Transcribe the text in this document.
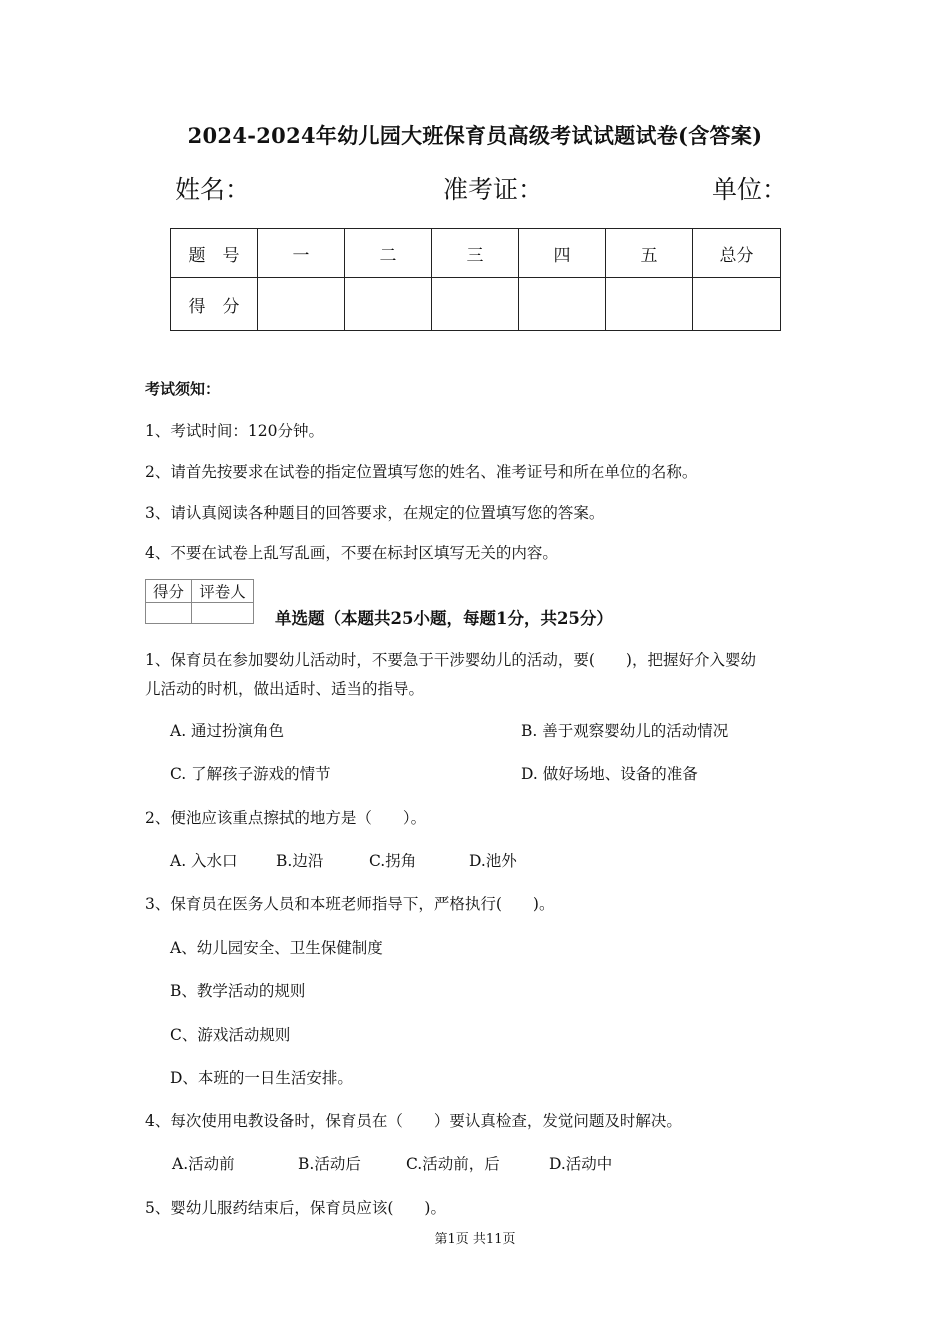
2024-2024年幼儿园大班保育员高级考试试题试卷(含答案)
姓名：	准考证：	单位：
题　号	一	二	三	四	五	总分
得　分						
考试须知：
1、考试时间：120分钟。
2、请首先按要求在试卷的指定位置填写您的姓名、准考证号和所在单位的名称。
3、请认真阅读各种题目的回答要求，在规定的位置填写您的答案。
4、不要在试卷上乱写乱画，不要在标封区填写无关的内容。
得分	评卷人

单选题（本题共25小题，每题1分，共25分）
1、保育员在参加婴幼儿活动时，不要急于干涉婴幼儿的活动，要(　　)，把握好介入婴幼
儿活动的时机，做出适时、适当的指导。
A. 通过扮演角色	B. 善于观察婴幼儿的活动情况
C. 了解孩子游戏的情节	D. 做好场地、设备的准备
2、便池应该重点擦拭的地方是（　　）。
A. 入水口 B.边沿	C.拐角	D.池外
3、保育员在医务人员和本班老师指导下，严格执行(　　)。
A、幼儿园安全、卫生保健制度
B、教学活动的规则
C、游戏活动规则
D、本班的一日生活安排。
4、每次使用电教设备时，保育员在（　　）要认真检查，发觉问题及时解决。
A.活动前	B.活动后	C.活动前，后	D.活动中
5、婴幼儿服药结束后，保育员应该(　　)。
第1页 共11页
